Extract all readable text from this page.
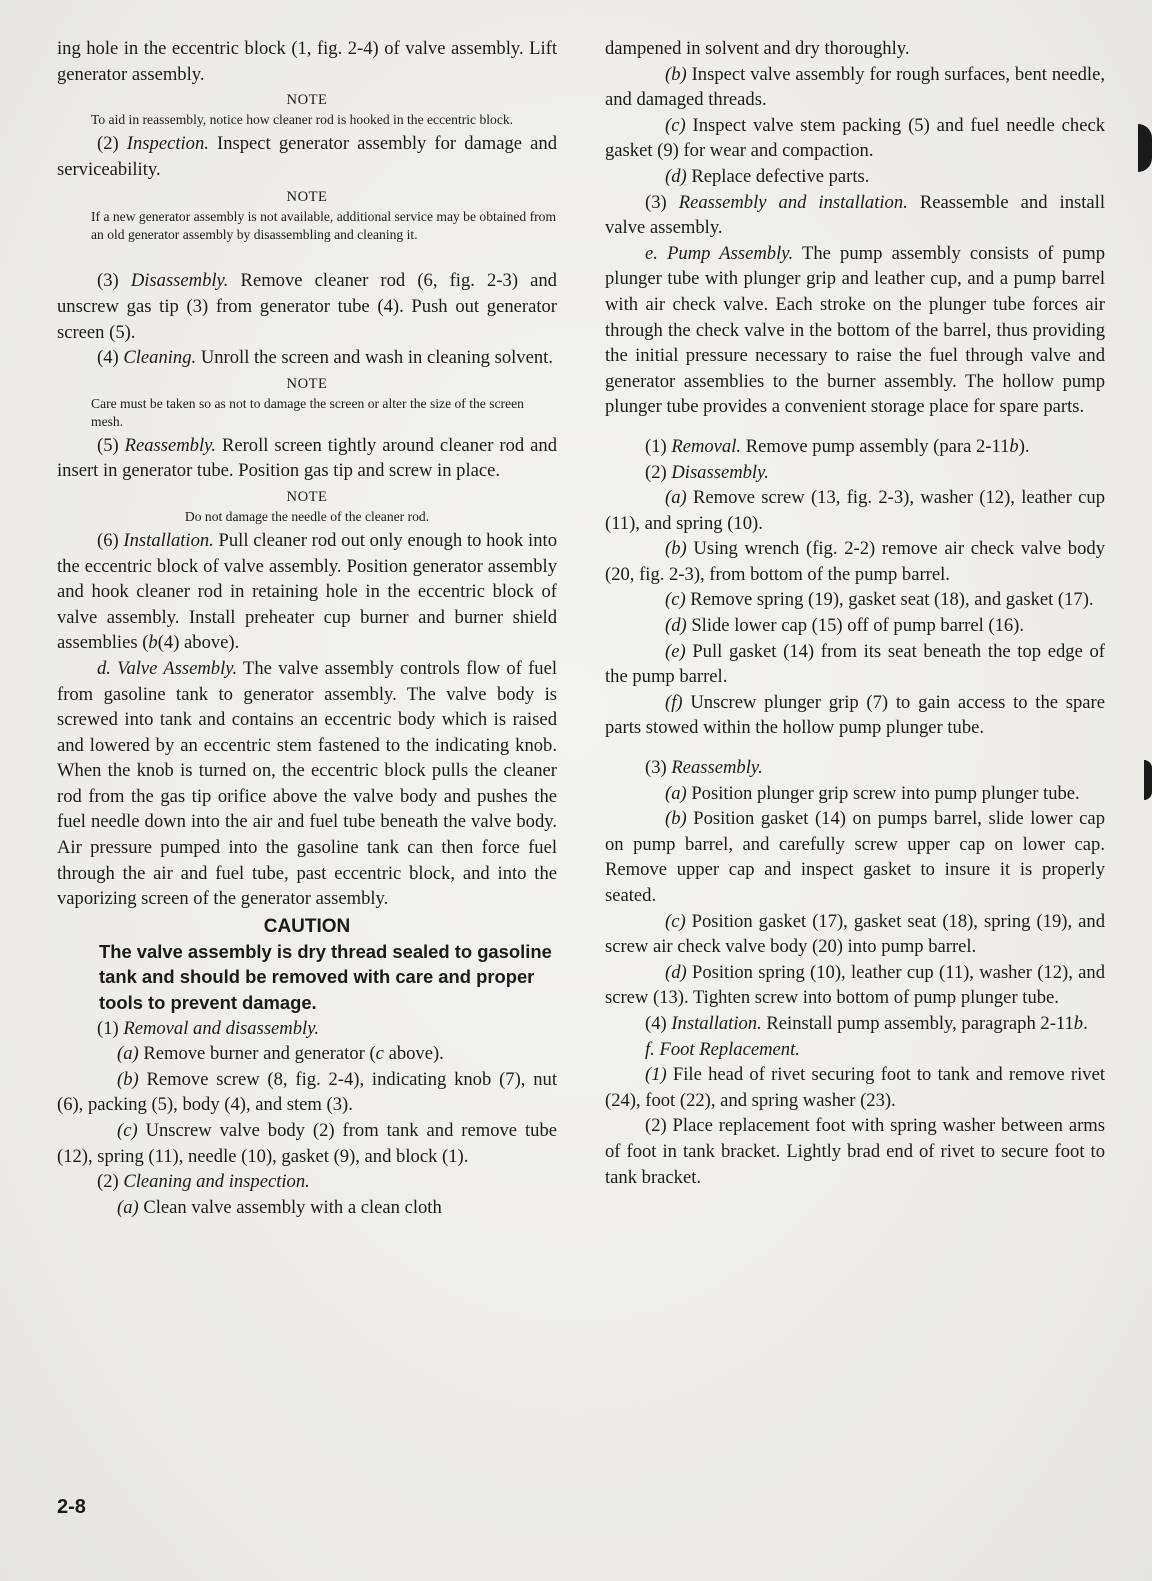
ing hole in the eccentric block (1, fig. 2-4) of valve assembly. Lift generator assembly.

NOTE
To aid in reassembly, notice how cleaner rod is hooked in the eccentric block.

(2) Inspection. Inspect generator assembly for damage and serviceability.

NOTE
If a new generator assembly is not available, additional service may be obtained from an old generator assembly by disassembling and cleaning it.

(3) Disassembly. Remove cleaner rod (6, fig. 2-3) and unscrew gas tip (3) from generator tube (4). Push out generator screen (5).

(4) Cleaning. Unroll the screen and wash in cleaning solvent.

NOTE
Care must be taken so as not to damage the screen or alter the size of the screen mesh.

(5) Reassembly. Reroll screen tightly around cleaner rod and insert in generator tube. Position gas tip and screw in place.

NOTE
Do not damage the needle of the cleaner rod.

(6) Installation. Pull cleaner rod out only enough to hook into the eccentric block of valve assembly. Position generator assembly and hook cleaner rod in retaining hole in the eccentric block of valve assembly. Install preheater cup burner and burner shield assemblies (b(4) above).

d. Valve Assembly. The valve assembly controls flow of fuel from gasoline tank to generator assembly. The valve body is screwed into tank and contains an eccentric body which is raised and lowered by an eccentric stem fastened to the indicating knob. When the knob is turned on, the eccentric block pulls the cleaner rod from the gas tip orifice above the valve body and pushes the fuel needle down into the air and fuel tube beneath the valve body. Air pressure pumped into the gasoline tank can then force fuel through the air and fuel tube, past eccentric block, and into the vaporizing screen of the generator assembly.

CAUTION
The valve assembly is dry thread sealed to gasoline tank and should be removed with care and proper tools to prevent damage.

(1) Removal and disassembly.

(a) Remove burner and generator (c above).

(b) Remove screw (8, fig. 2-4), indicating knob (7), nut (6), packing (5), body (4), and stem (3).

(c) Unscrew valve body (2) from tank and remove tube (12), spring (11), needle (10), gasket (9), and block (1).

(2) Cleaning and inspection.

(a) Clean valve assembly with a clean cloth

dampened in solvent and dry thoroughly.

(b) Inspect valve assembly for rough surfaces, bent needle, and damaged threads.

(c) Inspect valve stem packing (5) and fuel needle check gasket (9) for wear and compaction.

(d) Replace defective parts.

(3) Reassembly and installation. Reassemble and install valve assembly.

e. Pump Assembly. The pump assembly consists of pump plunger tube with plunger grip and leather cup, and a pump barrel with air check valve. Each stroke on the plunger tube forces air through the check valve in the bottom of the barrel, thus providing the initial pressure necessary to raise the fuel through valve and generator assemblies to the burner assembly. The hollow pump plunger tube provides a convenient storage place for spare parts.

(1) Removal. Remove pump assembly (para 2-11b).

(2) Disassembly.

(a) Remove screw (13, fig. 2-3), washer (12), leather cup (11), and spring (10).

(b) Using wrench (fig. 2-2) remove air check valve body (20, fig. 2-3), from bottom of the pump barrel.

(c) Remove spring (19), gasket seat (18), and gasket (17).

(d) Slide lower cap (15) off of pump barrel (16).

(e) Pull gasket (14) from its seat beneath the top edge of the pump barrel.

(f) Unscrew plunger grip (7) to gain access to the spare parts stowed within the hollow pump plunger tube.

(3) Reassembly.

(a) Position plunger grip screw into pump plunger tube.

(b) Position gasket (14) on pumps barrel, slide lower cap on pump barrel, and carefully screw upper cap on lower cap. Remove upper cap and inspect gasket to insure it is properly seated.

(c) Position gasket (17), gasket seat (18), spring (19), and screw air check valve body (20) into pump barrel.

(d) Position spring (10), leather cup (11), washer (12), and screw (13). Tighten screw into bottom of pump plunger tube.

(4) Installation. Reinstall pump assembly, paragraph 2-11b.

f. Foot Replacement.

(1) File head of rivet securing foot to tank and remove rivet (24), foot (22), and spring washer (23).

(2) Place replacement foot with spring washer between arms of foot in tank bracket. Lightly brad end of rivet to secure foot to tank bracket.

2-8
